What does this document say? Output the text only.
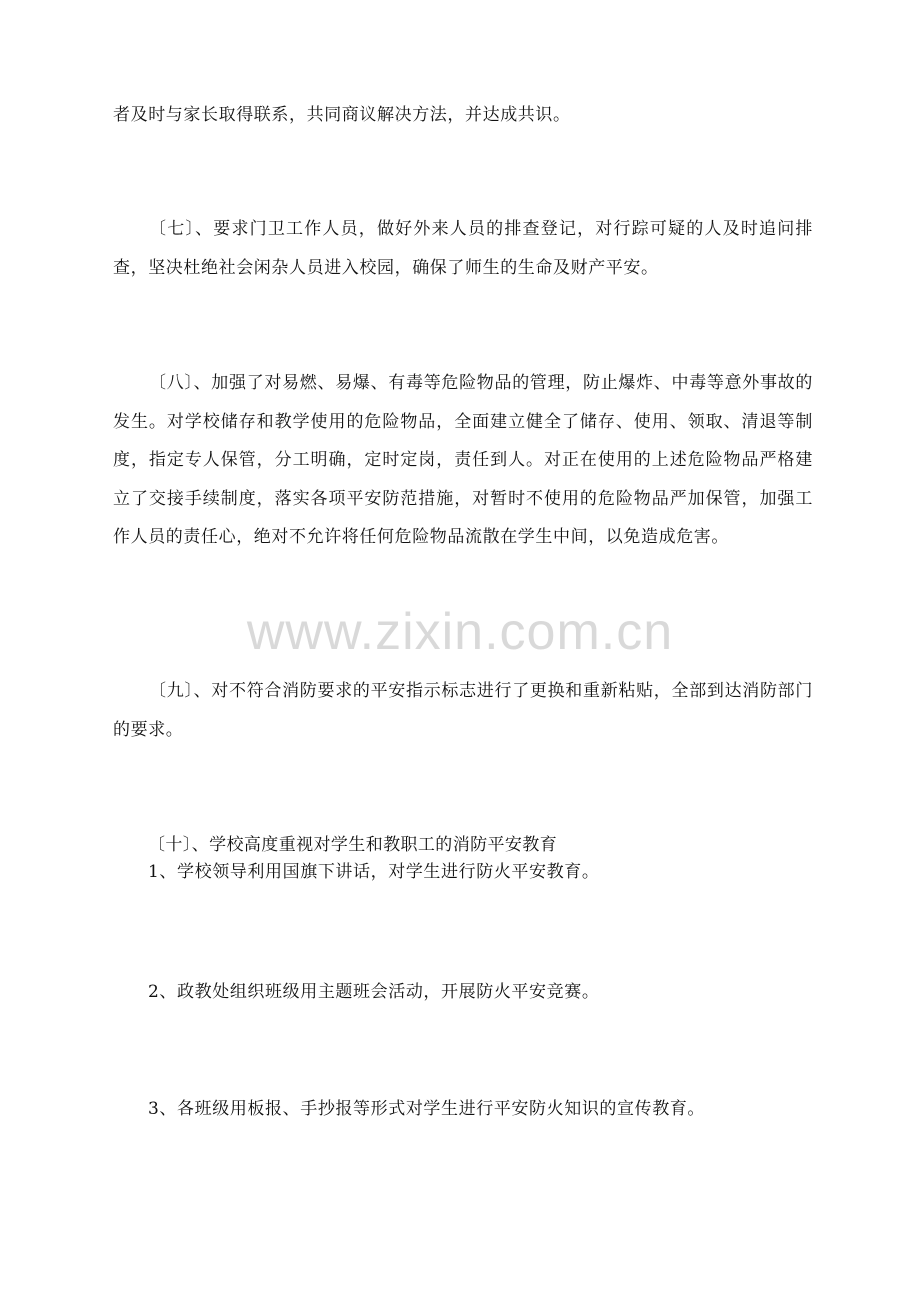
者及时与家长取得联系，共同商议解决方法，并达成共识。

〔七〕、要求门卫工作人员，做好外来人员的排查登记，对行踪可疑的人及时追问排查，坚决杜绝社会闲杂人员进入校园，确保了师生的生命及财产平安。

〔八〕、加强了对易燃、易爆、有毒等危险物品的管理，防止爆炸、中毒等意外事故的发生。对学校储存和教学使用的危险物品，全面建立健全了储存、使用、领取、清退等制度，指定专人保管，分工明确，定时定岗，责任到人。对正在使用的上述危险物品严格建立了交接手续制度，落实各项平安防范措施，对暂时不使用的危险物品严加保管，加强工作人员的责任心，绝对不允许将任何危险物品流散在学生中间，以免造成危害。

www.zixin.com.cn

〔九〕、对不符合消防要求的平安指示标志进行了更换和重新粘贴，全部到达消防部门的要求。

〔十〕、学校高度重视对学生和教职工的消防平安教育

1、学校领导利用国旗下讲话，对学生进行防火平安教育。

2、政教处组织班级用主题班会活动，开展防火平安竞赛。

3、各班级用板报、手抄报等形式对学生进行平安防火知识的宣传教育。
